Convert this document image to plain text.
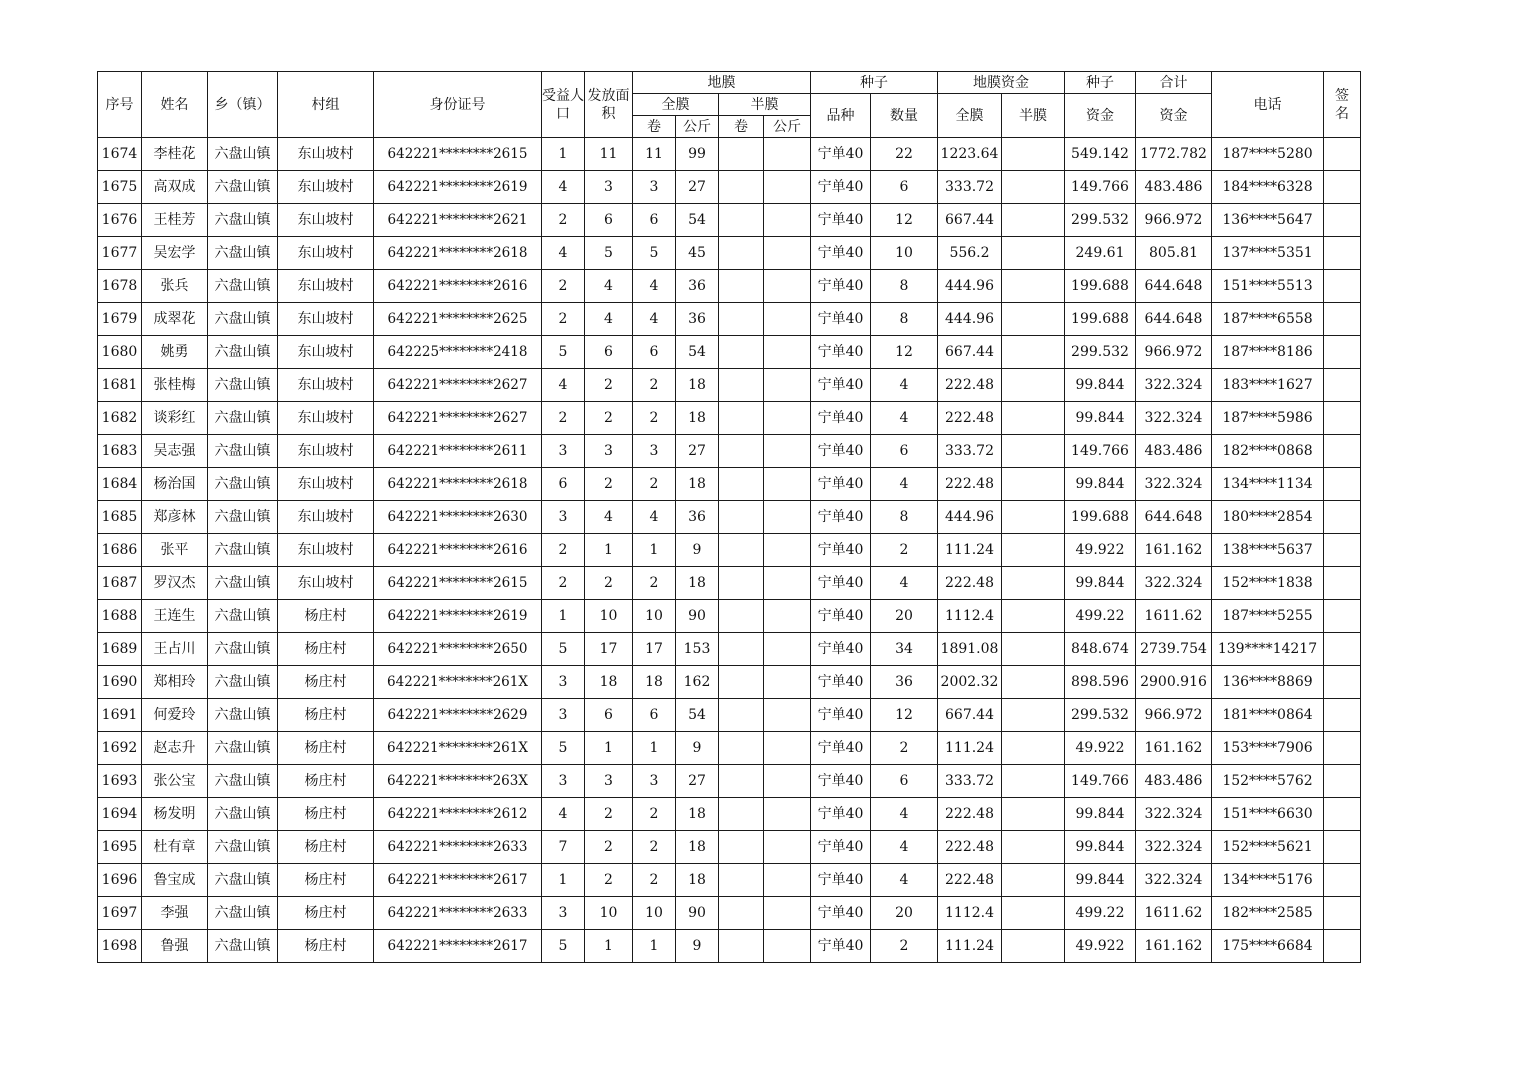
序号	姓名	乡（镇）	村组	身份证号	受益人口	发放面积	地膜				种子		地膜资金		种子	合计	电话	签名
							全膜		半膜		品种	数量	全膜	半膜	资金	资金		
							卷	公斤	卷	公斤								
1674	李桂花	六盘山镇	东山坡村	642221********2615	1	11	11	99			宁单40	22	1223.64		549.142	1772.782	187****5280	
1675	高双成	六盘山镇	东山坡村	642221********2619	4	3	3	27			宁单40	6	333.72		149.766	483.486	184****6328	
1676	王桂芳	六盘山镇	东山坡村	642221********2621	2	6	6	54			宁单40	12	667.44		299.532	966.972	136****5647	
1677	吴宏学	六盘山镇	东山坡村	642221********2618	4	5	5	45			宁单40	10	556.2		249.61	805.81	137****5351	
1678	张兵	六盘山镇	东山坡村	642221********2616	2	4	4	36			宁单40	8	444.96		199.688	644.648	151****5513	
1679	成翠花	六盘山镇	东山坡村	642221********2625	2	4	4	36			宁单40	8	444.96		199.688	644.648	187****6558	
1680	姚勇	六盘山镇	东山坡村	642225********2418	5	6	6	54			宁单40	12	667.44		299.532	966.972	187****8186	
1681	张桂梅	六盘山镇	东山坡村	642221********2627	4	2	2	18			宁单40	4	222.48		99.844	322.324	183****1627	
1682	谈彩红	六盘山镇	东山坡村	642221********2627	2	2	2	18			宁单40	4	222.48		99.844	322.324	187****5986	
1683	吴志强	六盘山镇	东山坡村	642221********2611	3	3	3	27			宁单40	6	333.72		149.766	483.486	182****0868	
1684	杨治国	六盘山镇	东山坡村	642221********2618	6	2	2	18			宁单40	4	222.48		99.844	322.324	134****1134	
1685	郑彦林	六盘山镇	东山坡村	642221********2630	3	4	4	36			宁单40	8	444.96		199.688	644.648	180****2854	
1686	张平	六盘山镇	东山坡村	642221********2616	2	1	1	9			宁单40	2	111.24		49.922	161.162	138****5637	
1687	罗汉杰	六盘山镇	东山坡村	642221********2615	2	2	2	18			宁单40	4	222.48		99.844	322.324	152****1838	
1688	王连生	六盘山镇	杨庄村	642221********2619	1	10	10	90			宁单40	20	1112.4		499.22	1611.62	187****5255	
1689	王占川	六盘山镇	杨庄村	642221********2650	5	17	17	153			宁单40	34	1891.08		848.674	2739.754	139****14217	
1690	郑相玲	六盘山镇	杨庄村	642221********261X	3	18	18	162			宁单40	36	2002.32		898.596	2900.916	136****8869	
1691	何爱玲	六盘山镇	杨庄村	642221********2629	3	6	6	54			宁单40	12	667.44		299.532	966.972	181****0864	
1692	赵志升	六盘山镇	杨庄村	642221********261X	5	1	1	9			宁单40	2	111.24		49.922	161.162	153****7906	
1693	张公宝	六盘山镇	杨庄村	642221********263X	3	3	3	27			宁单40	6	333.72		149.766	483.486	152****5762	
1694	杨发明	六盘山镇	杨庄村	642221********2612	4	2	2	18			宁单40	4	222.48		99.844	322.324	151****6630	
1695	杜有章	六盘山镇	杨庄村	642221********2633	7	2	2	18			宁单40	4	222.48		99.844	322.324	152****5621	
1696	鲁宝成	六盘山镇	杨庄村	642221********2617	1	2	2	18			宁单40	4	222.48		99.844	322.324	134****5176	
1697	李强	六盘山镇	杨庄村	642221********2633	3	10	10	90			宁单40	20	1112.4		499.22	1611.62	182****2585	
1698	鲁强	六盘山镇	杨庄村	642221********2617	5	1	1	9			宁单40	2	111.24		49.922	161.162	175****6684	
